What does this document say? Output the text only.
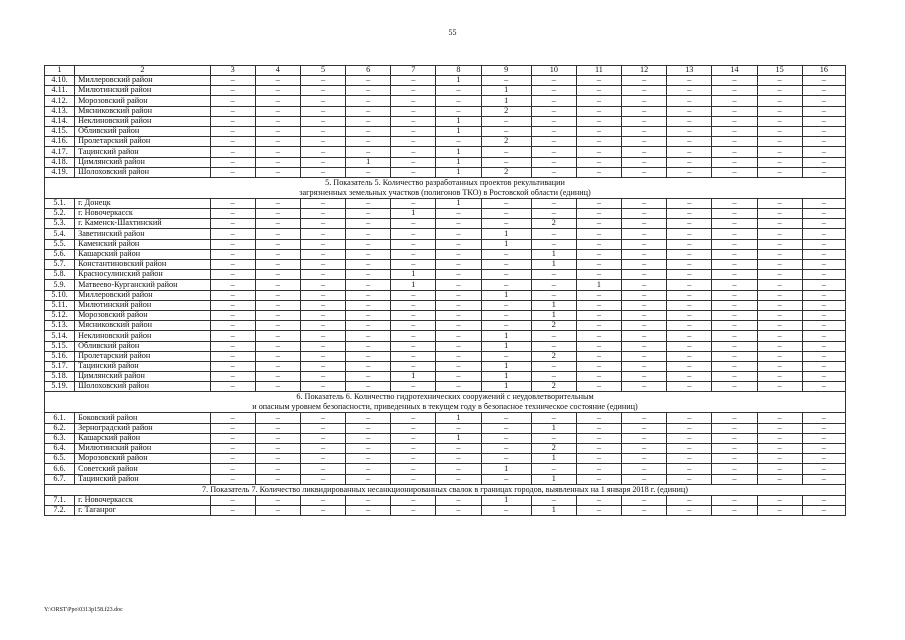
55
1	2	3	4	5	6	7	8	9	10	11	12	13	14	15	16
4.10.	Миллеровский район	–	–	–	–	–	1	–	–	–	–	–	–	–	–
4.11.	Милютинский район	–	–	–	–	–	–	1	–	–	–	–	–	–	–
4.12.	Морозовский район	–	–	–	–	–	–	1	–	–	–	–	–	–	–
4.13.	Мясниковский район	–	–	–	–	–	–	2	–	–	–	–	–	–	–
4.14.	Неклиновский район	–	–	–	–	–	1	–	–	–	–	–	–	–	–
4.15.	Обливский район	–	–	–	–	–	1	–	–	–	–	–	–	–	–
4.16.	Пролетарский район	–	–	–	–	–	–	2	–	–	–	–	–	–	–
4.17.	Тацинский район	–	–	–	–	–	1	–	–	–	–	–	–	–	–
4.18.	Цимлянский район	–	–	–	1	–	1	–	–	–	–	–	–	–	–
4.19.	Шолоховский район	–	–	–	–	–	1	2	–	–	–	–	–	–	–
5. Показатель 5. Количество разработанных проектов рекультивации
загрязненных земельных участков (полигонов ТКО) в Ростовской области (единиц)															
5.1.	г. Донецк	–	–	–	–	–	1	–	–	–	–	–	–	–	–
5.2.	г. Новочеркасск	–	–	–	–	1	–	–	–	–	–	–	–	–	–
5.3.	г. Каменск-Шахтинский	–	–	–	–	–	–	–	2	–	–	–	–	–	–
5.4.	Заветинский район	–	–	–	–	–	–	1	–	–	–	–	–	–	–
5.5.	Каменский район	–	–	–	–	–	–	1	–	–	–	–	–	–	–
5.6.	Кашарский район	–	–	–	–	–	–	–	1	–	–	–	–	–	–
5.7.	Константиновский район	–	–	–	–	–	–	–	1	–	–	–	–	–	–
5.8.	Красносулинский район	–	–	–	–	1	–	–	–	–	–	–	–	–	–
5.9.	Матвеево-Курганский район	–	–	–	–	1	–	–	–	1	–	–	–	–	–
5.10.	Миллеровский район	–	–	–	–	–	–	1	–	–	–	–	–	–	–
5.11.	Милютинский район	–	–	–	–	–	–	–	1	–	–	–	–	–	–
5.12.	Морозовский район	–	–	–	–	–	–	–	1	–	–	–	–	–	–
5.13.	Мясниковский район	–	–	–	–	–	–	–	2	–	–	–	–	–	–
5.14.	Неклиновский район	–	–	–	–	–	–	1	–	–	–	–	–	–	–
5.15.	Обливский район	–	–	–	–	–	–	1	–	–	–	–	–	–	–
5.16.	Пролетарский район	–	–	–	–	–	–	–	2	–	–	–	–	–	–
5.17.	Тацинский район	–	–	–	–	–	–	1	–	–	–	–	–	–	–
5.18.	Цимлянский район	–	–	–	–	1	–	1	–	–	–	–	–	–	–
5.19.	Шолоховский район	–	–	–	–	–	–	1	2	–	–	–	–	–	–
6. Показатель 6. Количество гидротехнических сооружений с неудовлетворительным
и опасным уровнем безопасности, приведенных в текущем году в безопасное техническое состояние (единиц)															
6.1.	Боковский район	–	–	–	–	–	1	–	–	–	–	–	–	–	–
6.2.	Зерноградский район	–	–	–	–	–	–	–	1	–	–	–	–	–	–
6.3.	Кашарский район	–	–	–	–	–	1	–	–	–	–	–	–	–	–
6.4.	Милютинский район	–	–	–	–	–	–	–	2	–	–	–	–	–	–
6.5.	Морозовский район	–	–	–	–	–	–	–	1	–	–	–	–	–	–
6.6.	Советский район	–	–	–	–	–	–	1	–	–	–	–	–	–	–
6.7.	Тацинский район	–	–	–	–	–	–	–	1	–	–	–	–	–	–
7. Показатель 7. Количество ликвидированных несанкционированных свалок в границах городов, выявленных на 1 января 2018 г. (единиц)															
7.1.	г. Новочеркасск	–	–	–	–	–	–	1	–	–	–	–	–	–	–
7.2.	г. Таганрог	–	–	–	–	–	–	–	1	–	–	–	–	–	–
Y:\ORST\Ppo\0313p158.f23.doc
